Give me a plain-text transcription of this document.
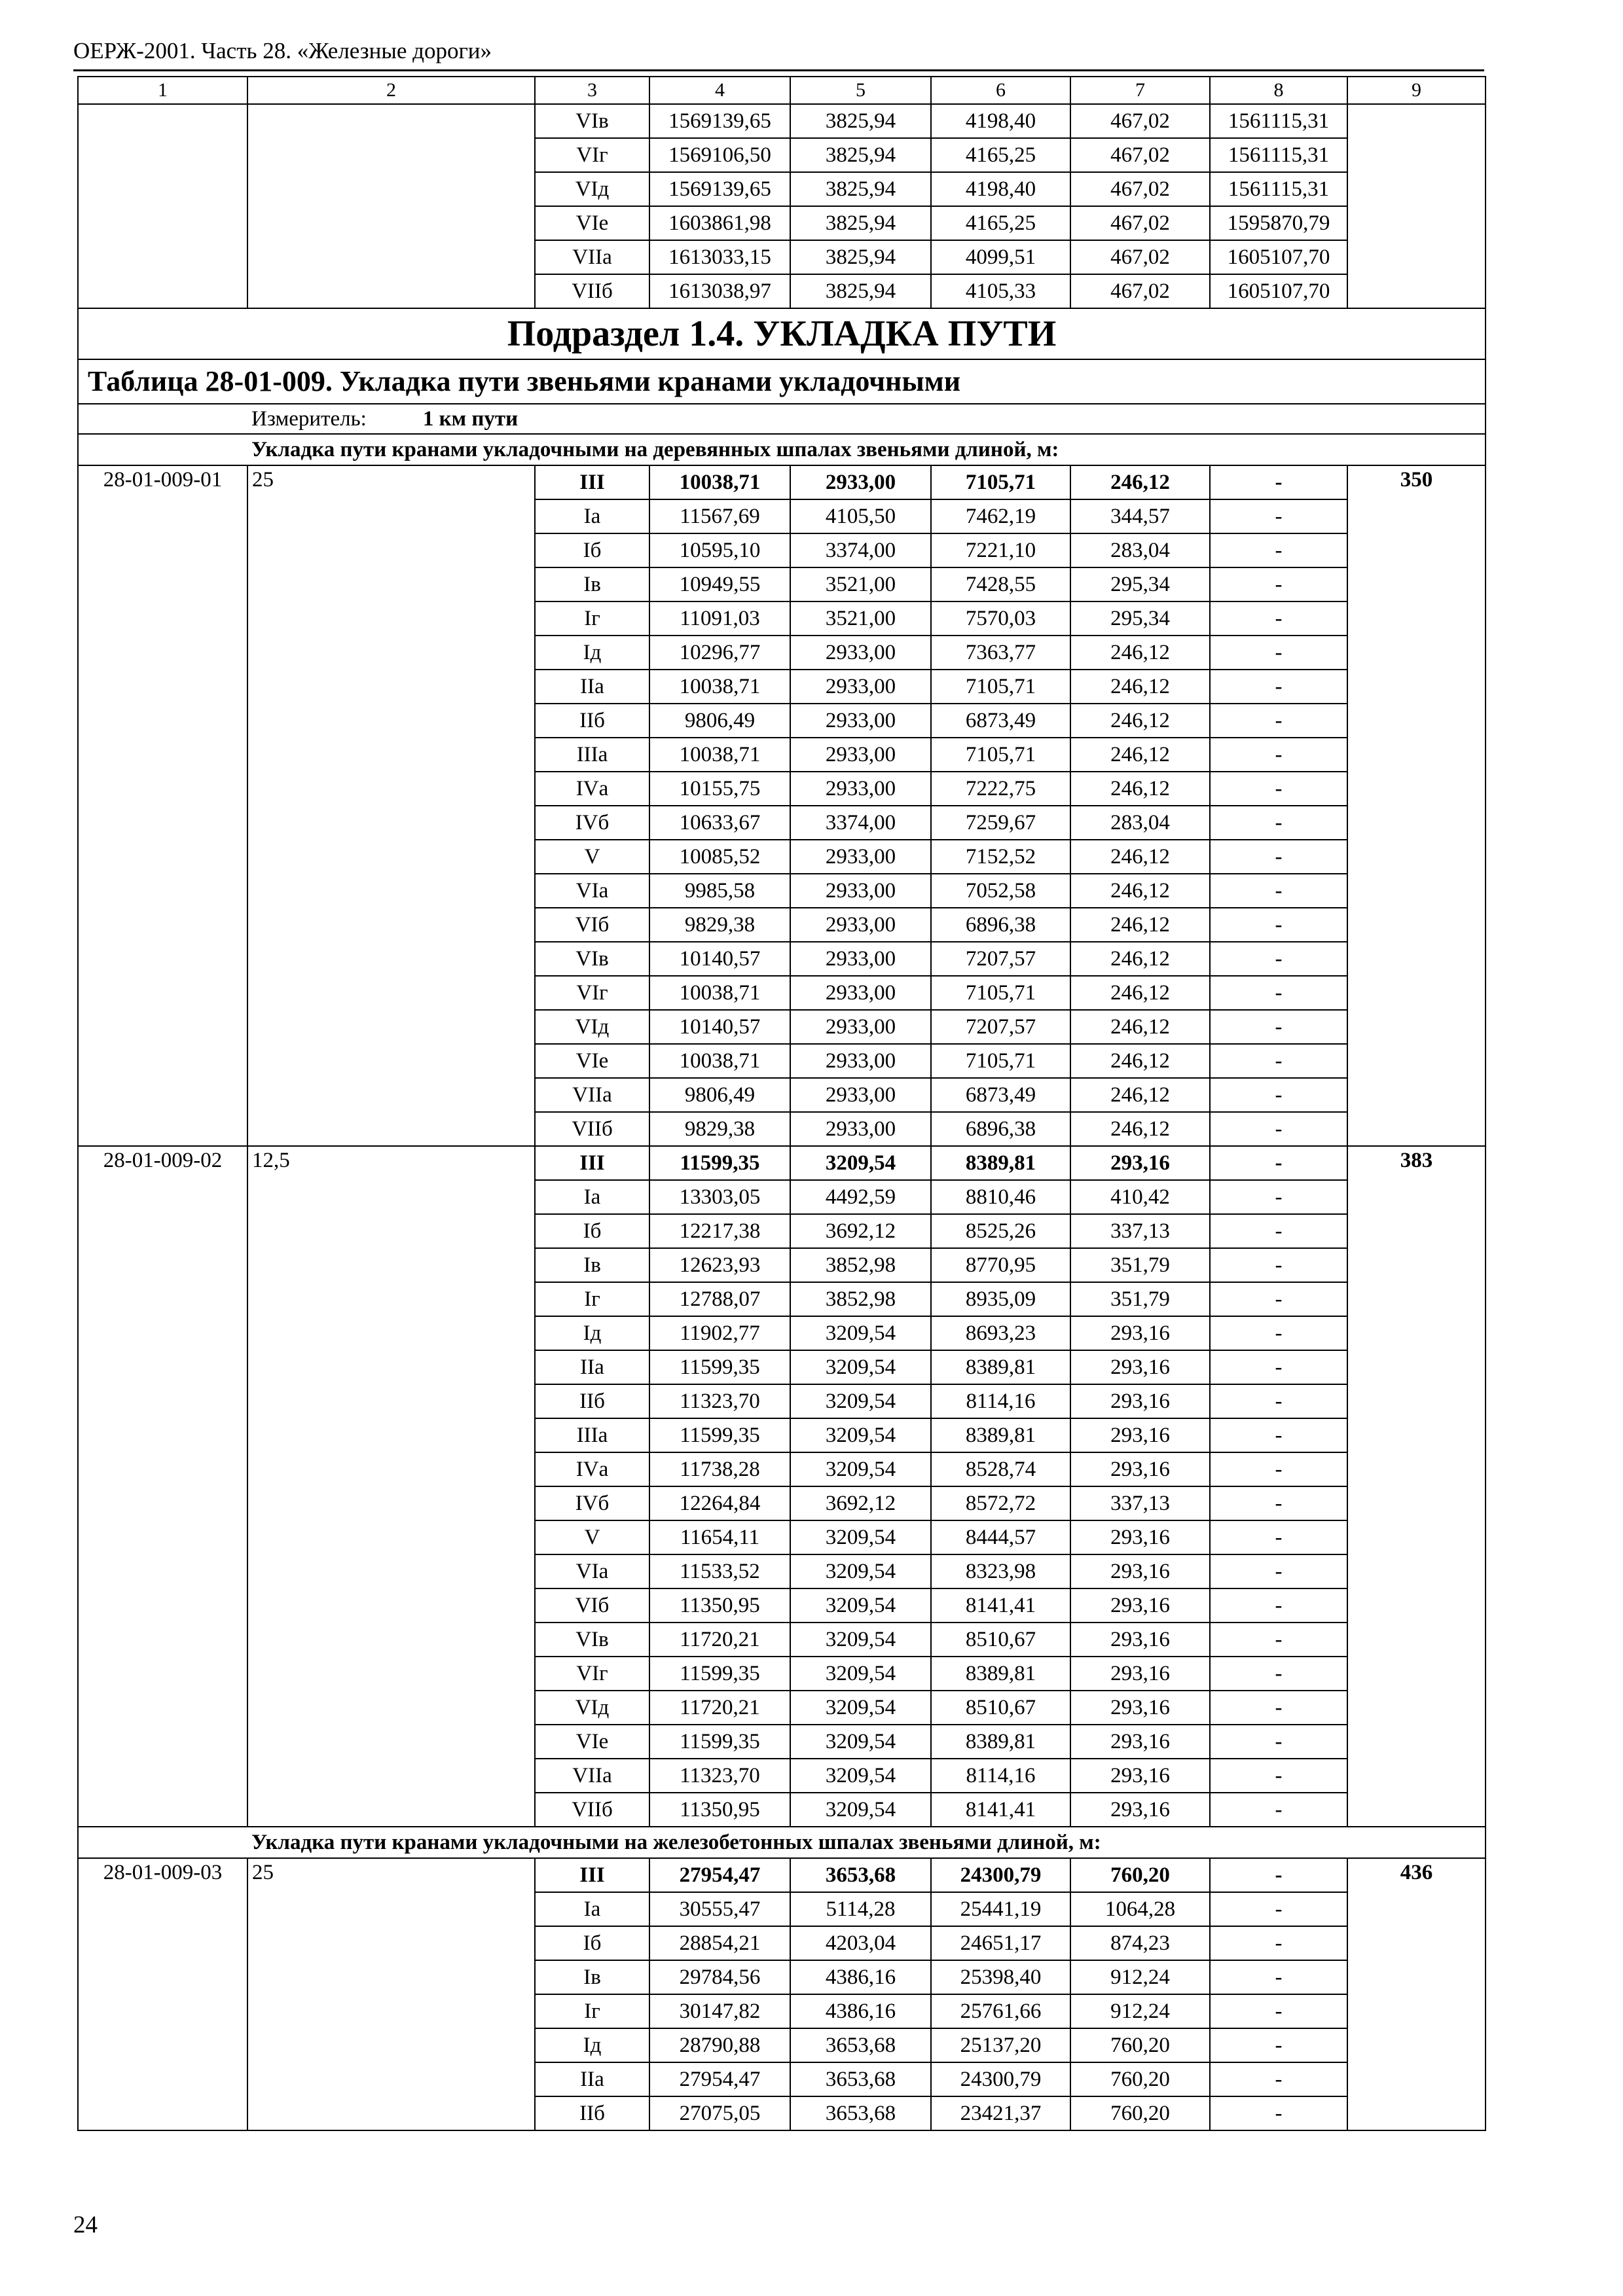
ОЕРЖ-2001. Часть 28. «Железные дороги»
1	2	3	4	5	6	7	8	9
		VIв	1569139,65	3825,94	4198,40	467,02	1561115,31	
		VIг	1569106,50	3825,94	4165,25	467,02	1561115,31	
		VIд	1569139,65	3825,94	4198,40	467,02	1561115,31	
		VIе	1603861,98	3825,94	4165,25	467,02	1595870,79	
		VIIа	1613033,15	3825,94	4099,51	467,02	1605107,70	
		VIIб	1613038,97	3825,94	4105,33	467,02	1605107,70	
Подраздел 1.4. УКЛАДКА ПУТИ								
Таблица 28-01-009. Укладка пути звеньями кранами укладочными								
Измеритель: 1 км пути								
Укладка пути кранами укладочными на деревянных шпалах звеньями длиной, м:								
28-01-009-01	25	III	10038,71	2933,00	7105,71	246,12	-	350
		Iа	11567,69	4105,50	7462,19	344,57	-	
		Iб	10595,10	3374,00	7221,10	283,04	-	
		Iв	10949,55	3521,00	7428,55	295,34	-	
		Iг	11091,03	3521,00	7570,03	295,34	-	
		Iд	10296,77	2933,00	7363,77	246,12	-	
		IIа	10038,71	2933,00	7105,71	246,12	-	
		IIб	9806,49	2933,00	6873,49	246,12	-	
		IIIа	10038,71	2933,00	7105,71	246,12	-	
		IVа	10155,75	2933,00	7222,75	246,12	-	
		IVб	10633,67	3374,00	7259,67	283,04	-	
		V	10085,52	2933,00	7152,52	246,12	-	
		VIа	9985,58	2933,00	7052,58	246,12	-	
		VIб	9829,38	2933,00	6896,38	246,12	-	
		VIв	10140,57	2933,00	7207,57	246,12	-	
		VIг	10038,71	2933,00	7105,71	246,12	-	
		VIд	10140,57	2933,00	7207,57	246,12	-	
		VIе	10038,71	2933,00	7105,71	246,12	-	
		VIIа	9806,49	2933,00	6873,49	246,12	-	
		VIIб	9829,38	2933,00	6896,38	246,12	-	
28-01-009-02	12,5	III	11599,35	3209,54	8389,81	293,16	-	383
		Iа	13303,05	4492,59	8810,46	410,42	-	
		Iб	12217,38	3692,12	8525,26	337,13	-	
		Iв	12623,93	3852,98	8770,95	351,79	-	
		Iг	12788,07	3852,98	8935,09	351,79	-	
		Iд	11902,77	3209,54	8693,23	293,16	-	
		IIа	11599,35	3209,54	8389,81	293,16	-	
		IIб	11323,70	3209,54	8114,16	293,16	-	
		IIIа	11599,35	3209,54	8389,81	293,16	-	
		IVа	11738,28	3209,54	8528,74	293,16	-	
		IVб	12264,84	3692,12	8572,72	337,13	-	
		V	11654,11	3209,54	8444,57	293,16	-	
		VIа	11533,52	3209,54	8323,98	293,16	-	
		VIб	11350,95	3209,54	8141,41	293,16	-	
		VIв	11720,21	3209,54	8510,67	293,16	-	
		VIг	11599,35	3209,54	8389,81	293,16	-	
		VIд	11720,21	3209,54	8510,67	293,16	-	
		VIе	11599,35	3209,54	8389,81	293,16	-	
		VIIа	11323,70	3209,54	8114,16	293,16	-	
		VIIб	11350,95	3209,54	8141,41	293,16	-	
Укладка пути кранами укладочными на железобетонных шпалах звеньями длиной, м:								
28-01-009-03	25	III	27954,47	3653,68	24300,79	760,20	-	436
		Iа	30555,47	5114,28	25441,19	1064,28	-	
		Iб	28854,21	4203,04	24651,17	874,23	-	
		Iв	29784,56	4386,16	25398,40	912,24	-	
		Iг	30147,82	4386,16	25761,66	912,24	-	
		Iд	28790,88	3653,68	25137,20	760,20	-	
		IIа	27954,47	3653,68	24300,79	760,20	-	
		IIб	27075,05	3653,68	23421,37	760,20	-	
24
